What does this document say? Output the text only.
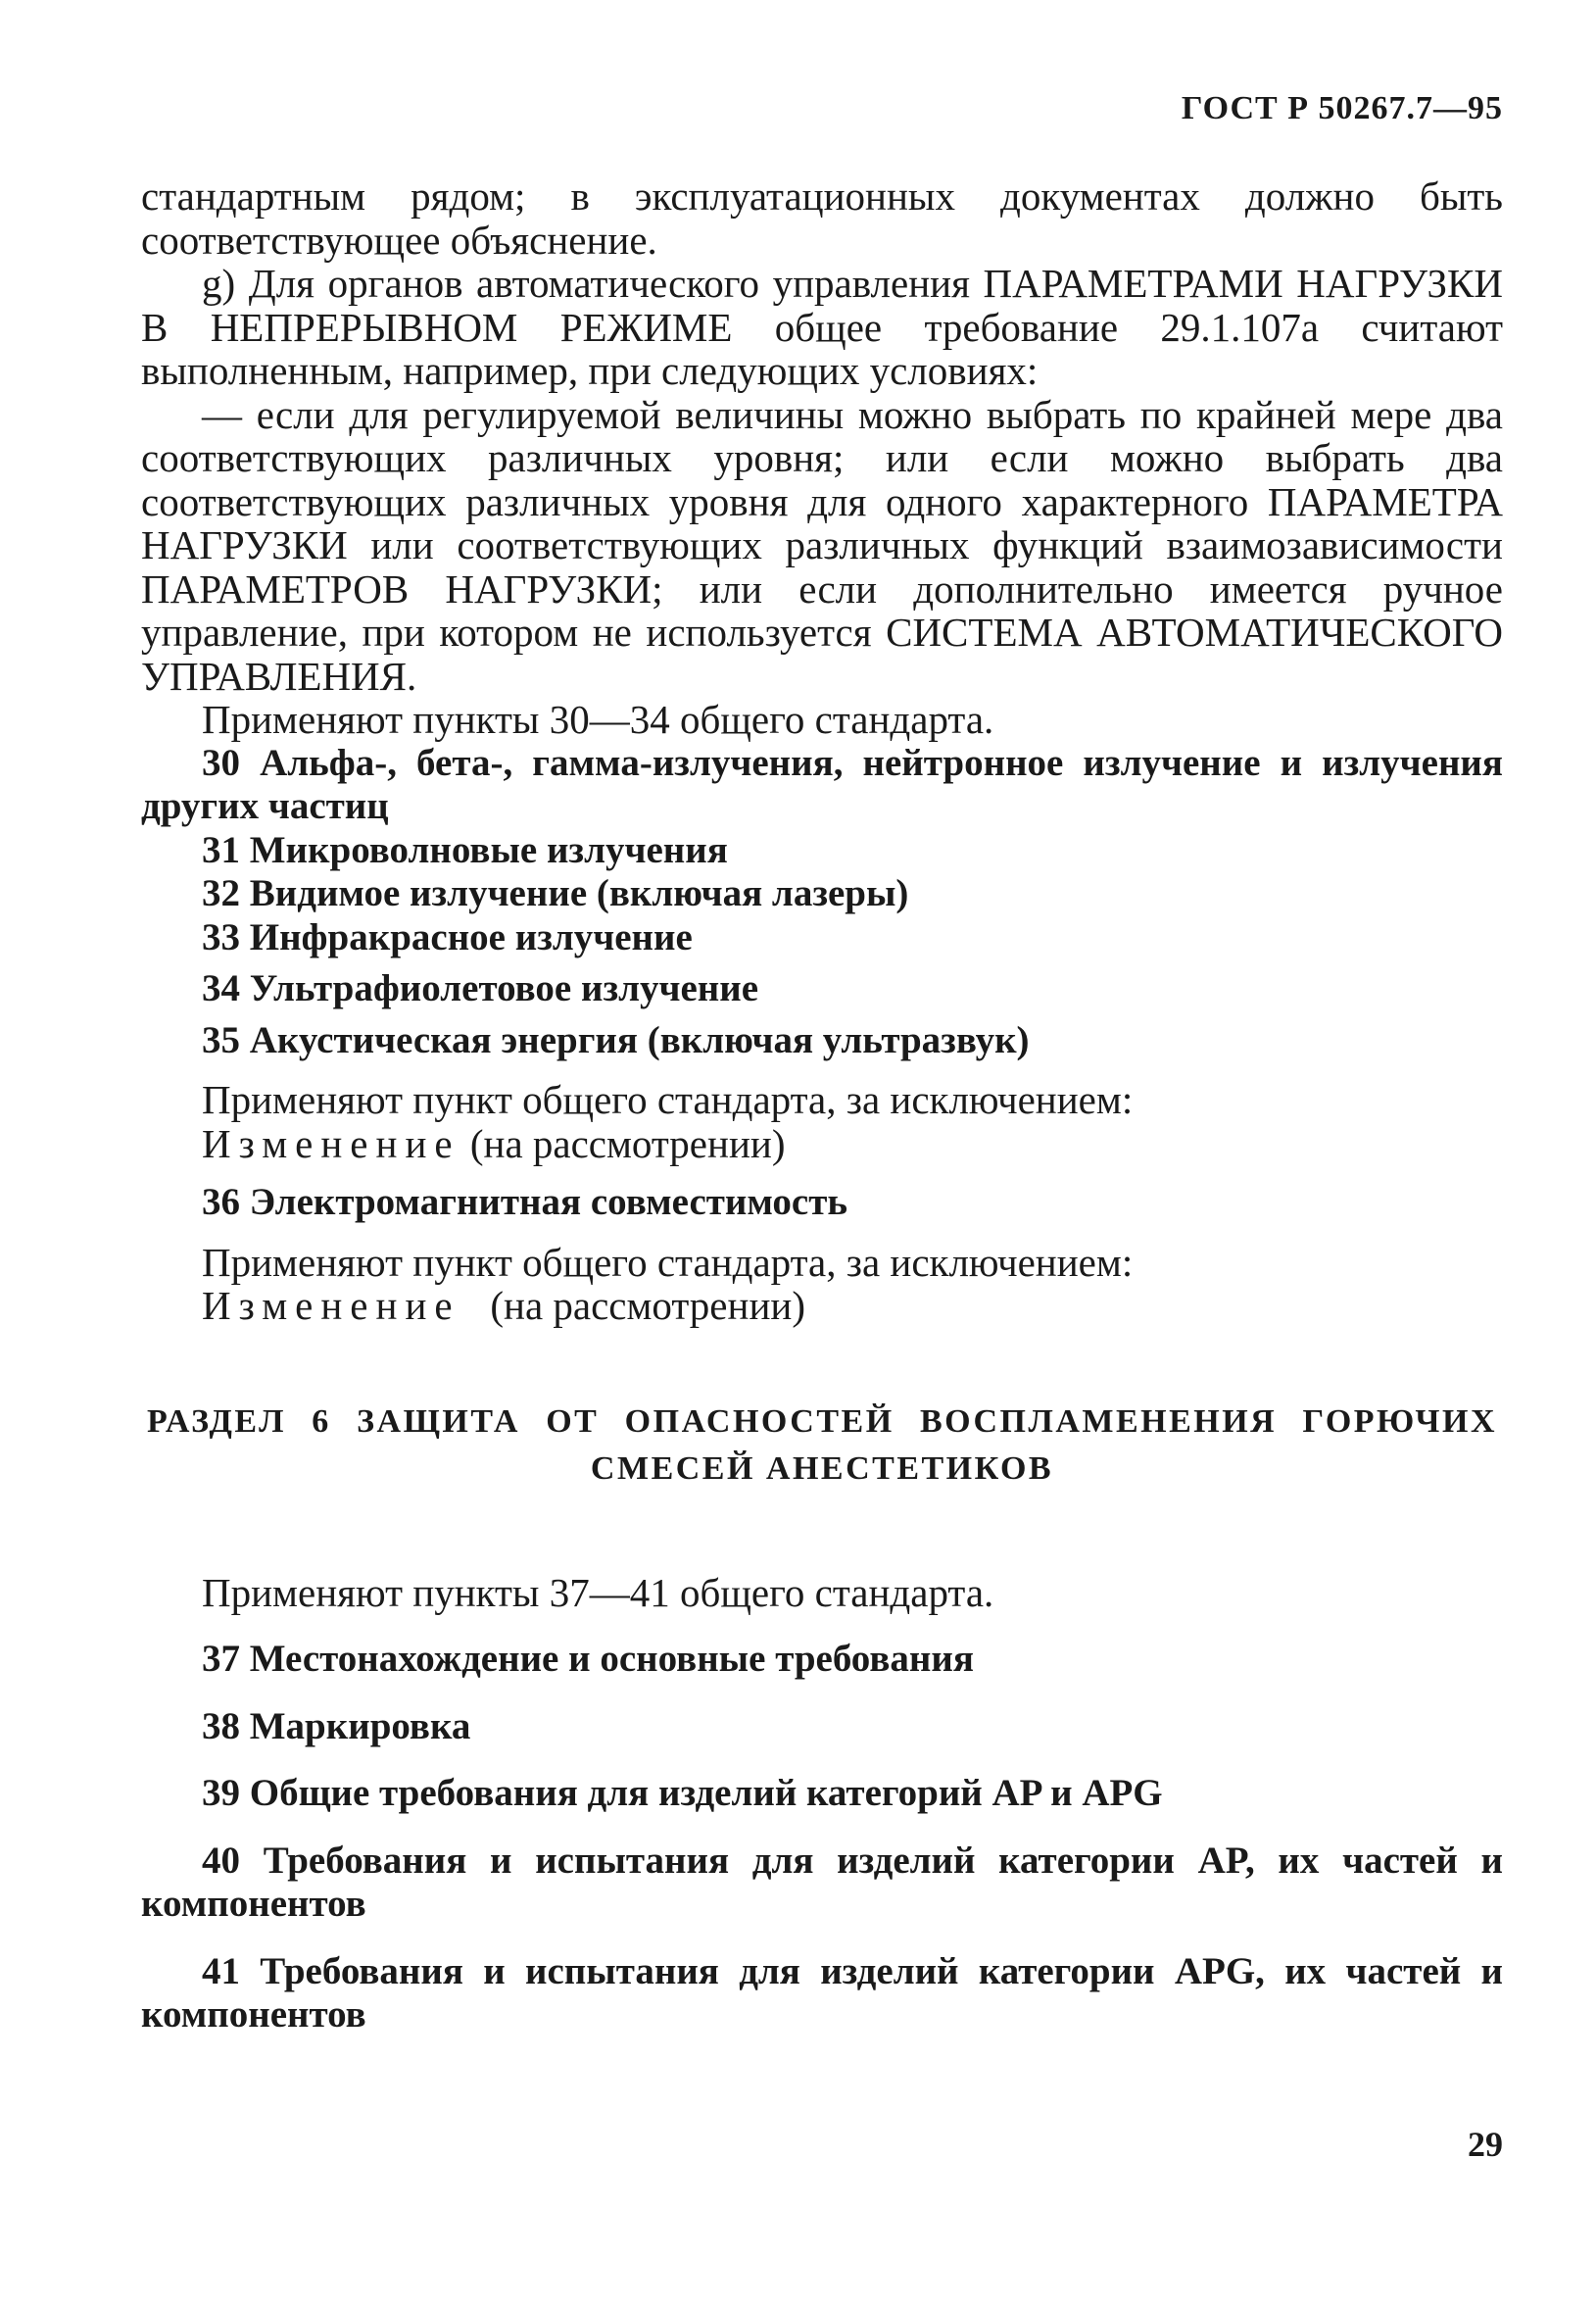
ГОСТ Р 50267.7—95

стандартным рядом; в эксплуатационных документах должно быть соответствующее объяснение.

g) Для органов автоматического управления ПАРАМЕТРАМИ НАГРУЗКИ В НЕПРЕРЫВНОМ РЕЖИМЕ общее требование 29.1.107а считают выполненным, например, при следующих условиях:

— если для регулируемой величины можно выбрать по крайней мере два соответствующих различных уровня; или если можно выбрать два соответствующих различных уровня для одного характерного ПАРАМЕТРА НАГРУЗКИ или соответствующих различных функций взаимозависимости ПАРАМЕТРОВ НАГРУЗКИ; или если дополнительно имеется ручное управление, при котором не используется СИСТЕМА АВТОМАТИЧЕСКОГО УПРАВЛЕНИЯ.

Применяют пункты 30—34 общего стандарта.

30 Альфа-, бета-, гамма-излучения, нейтронное излучение и излучения других частиц

31 Микроволновые излучения

32 Видимое излучение (включая лазеры)

33 Инфракрасное излучение

34 Ультрафиолетовое излучение

35 Акустическая энергия (включая ультразвук)

Применяют пункт общего стандарта, за исключением:

Изменение (на рассмотрении)

36 Электромагнитная совместимость

Применяют пункт общего стандарта, за исключением:

Изменение (на рассмотрении)

РАЗДЕЛ 6 ЗАЩИТА ОТ ОПАСНОСТЕЙ ВОСПЛАМЕНЕНИЯ ГОРЮЧИХ
СМЕСЕЙ АНЕСТЕТИКОВ

Применяют пункты 37—41 общего стандарта.

37 Местонахождение и основные требования

38 Маркировка

39 Общие требования для изделий категорий AP и APG

40 Требования и испытания для изделий категории AP, их частей и компонентов

41 Требования и испытания для изделий категории APG, их частей и компонентов

29
